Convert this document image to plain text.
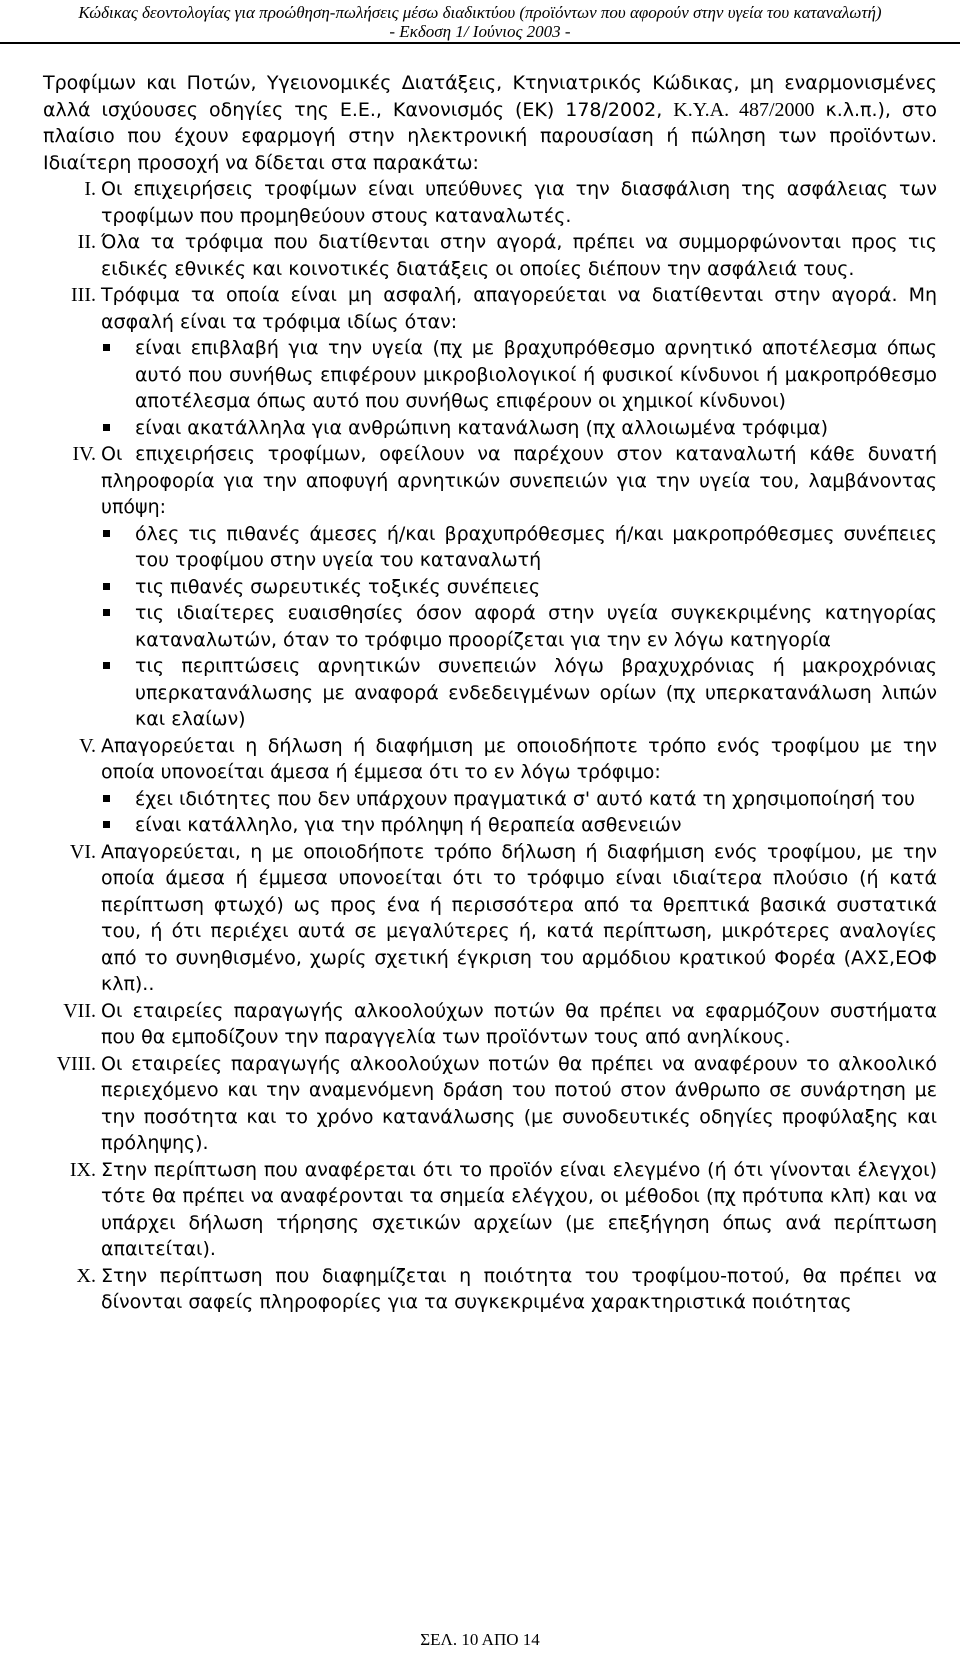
Κώδικας δεοντολογίας για προώθηση-πωλήσεις μέσω διαδικτύου (προϊόντων που αφορούν στην υγεία του καταναλωτή)
- Εκδοση 1/ Ιούνιος 2003 -

Τροφίμων και Ποτών, Υγειονομικές Διατάξεις, Κτηνιατρικός Κώδικας, μη εναρμονισμένες αλλά ισχύουσες οδηγίες της Ε.Ε., Κανονισμός (ΕΚ) 178/2002, Κ.Υ.Α. 487/2000 κ.λ.π.), στο πλαίσιο που έχουν εφαρμογή στην ηλεκτρονική παρουσίαση ή πώληση των προϊόντων. Ιδιαίτερη προσοχή να δίδεται στα παρακάτω:

I. Οι επιχειρήσεις τροφίμων είναι υπεύθυνες για την διασφάλιση της ασφάλειας των τροφίμων που προμηθεύουν στους καταναλωτές.
II. Όλα τα τρόφιμα που διατίθενται στην αγορά, πρέπει να συμμορφώνονται προς τις ειδικές εθνικές και κοινοτικές διατάξεις οι οποίες διέπουν την ασφάλειά τους.
III. Τρόφιμα τα οποία είναι μη ασφαλή, απαγορεύεται να διατίθενται στην αγορά. Μη ασφαλή είναι τα τρόφιμα ιδίως όταν:
είναι επιβλαβή για την υγεία (πχ με βραχυπρόθεσμο αρνητικό αποτέλεσμα όπως αυτό που συνήθως επιφέρουν μικροβιολογικοί ή φυσικοί κίνδυνοι ή μακροπρόθεσμο αποτέλεσμα όπως αυτό που συνήθως επιφέρουν οι χημικοί κίνδυνοι)
είναι ακατάλληλα για ανθρώπινη κατανάλωση (πχ αλλοιωμένα τρόφιμα)
IV. Οι επιχειρήσεις τροφίμων, οφείλουν να παρέχουν στον καταναλωτή κάθε δυνατή πληροφορία για την αποφυγή αρνητικών συνεπειών για την υγεία του, λαμβάνοντας υπόψη:
όλες τις πιθανές άμεσες ή/και βραχυπρόθεσμες ή/και μακροπρόθεσμες συνέπειες του τροφίμου στην υγεία του καταναλωτή
τις πιθανές σωρευτικές τοξικές συνέπειες
τις ιδιαίτερες ευαισθησίες όσον αφορά στην υγεία συγκεκριμένης κατηγορίας καταναλωτών, όταν το τρόφιμο προορίζεται για την εν λόγω κατηγορία
τις περιπτώσεις αρνητικών συνεπειών λόγω βραχυχρόνιας ή μακροχρόνιας υπερκατανάλωσης με αναφορά ενδεδειγμένων ορίων (πχ υπερκατανάλωση λιπών και ελαίων)
V. Απαγορεύεται η δήλωση ή διαφήμιση με οποιοδήποτε τρόπο ενός τροφίμου με την οποία υπονοείται άμεσα ή έμμεσα ότι το εν λόγω τρόφιμο:
έχει ιδιότητες που δεν υπάρχουν πραγματικά σ' αυτό κατά τη χρησιμοποίησή του
είναι κατάλληλο, για την πρόληψη ή θεραπεία ασθενειών
VI. Απαγορεύεται, η με οποιοδήποτε τρόπο δήλωση ή διαφήμιση ενός τροφίμου, με την οποία άμεσα ή έμμεσα υπονοείται ότι το τρόφιμο είναι ιδιαίτερα πλούσιο (ή κατά περίπτωση φτωχό) ως προς ένα ή περισσότερα από τα θρεπτικά βασικά συστατικά του, ή ότι περιέχει αυτά σε μεγαλύτερες ή, κατά περίπτωση, μικρότερες αναλογίες από το συνηθισμένο, χωρίς σχετική έγκριση του αρμόδιου κρατικού Φορέα (ΑΧΣ,ΕΟΦ κλπ)..
VII. Οι εταιρείες παραγωγής αλκοολούχων ποτών θα πρέπει να εφαρμόζουν συστήματα που θα εμποδίζουν την παραγγελία των προϊόντων τους από ανηλίκους.
VIII. Οι εταιρείες παραγωγής αλκοολούχων ποτών θα πρέπει να αναφέρουν το αλκοολικό περιεχόμενο και την αναμενόμενη δράση του ποτού στον άνθρωπο σε συνάρτηση με την ποσότητα και το χρόνο κατανάλωσης (με συνοδευτικές οδηγίες προφύλαξης και πρόληψης).
IX. Στην περίπτωση που αναφέρεται ότι το προϊόν είναι ελεγμένο (ή ότι γίνονται έλεγχοι) τότε θα πρέπει να αναφέρονται τα σημεία ελέγχου, οι μέθοδοι (πχ πρότυπα κλπ) και να υπάρχει δήλωση τήρησης σχετικών αρχείων (με επεξήγηση όπως ανά περίπτωση απαιτείται).
X. Στην περίπτωση που διαφημίζεται η ποιότητα του τροφίμου-ποτού, θα πρέπει να δίνονται σαφείς πληροφορίες για τα συγκεκριμένα χαρακτηριστικά ποιότητας
ΣΕΛ. 10 ΑΠΟ 14
